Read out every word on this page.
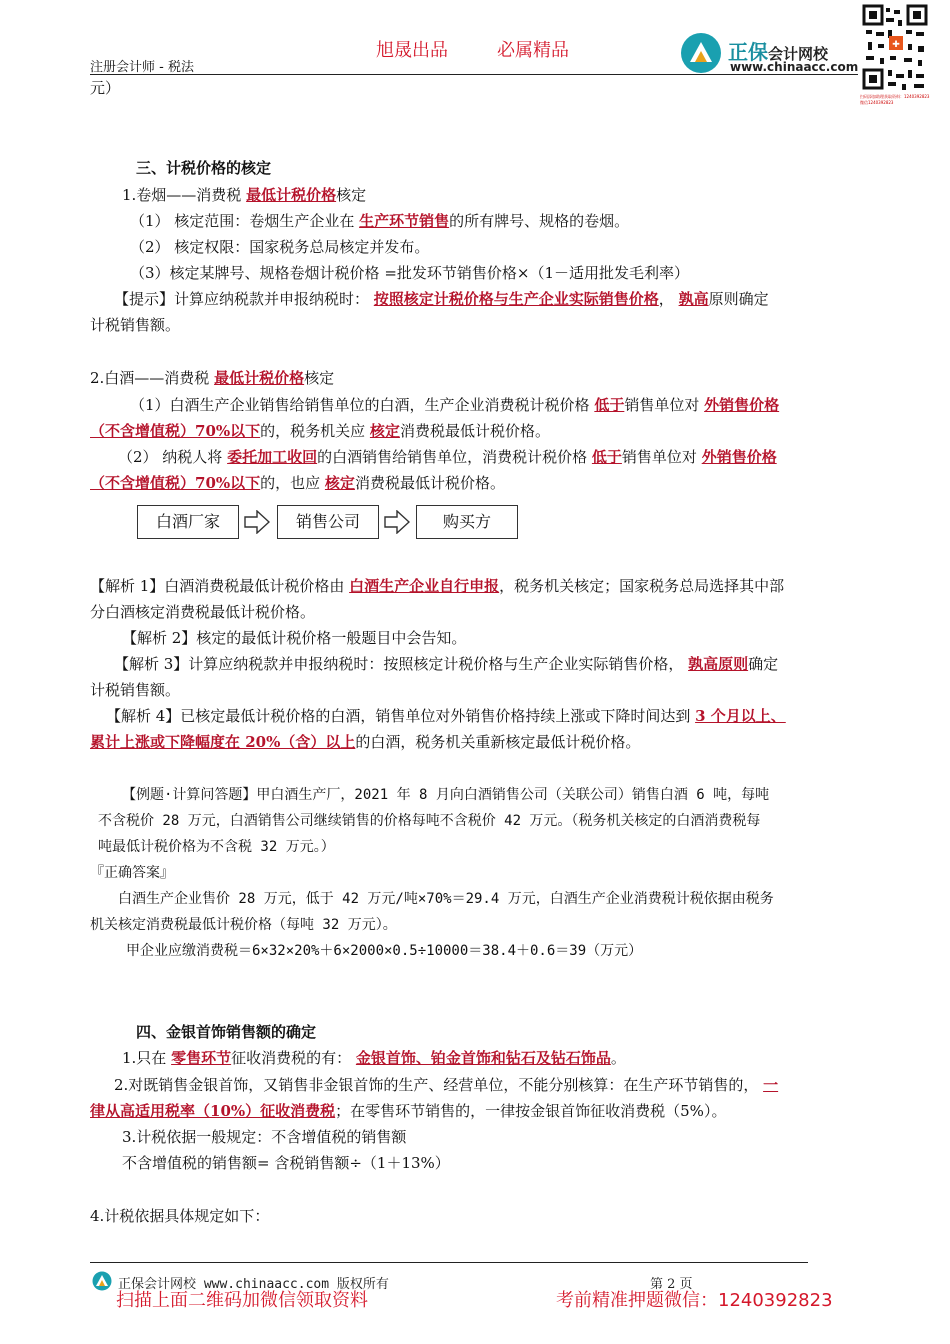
旭晟出品	必属精品
注册会计师 - 税法
正保会计网校
www.chinaacc.com
✚
扫码添加助理获取资料：1240392823
微信1240392823
元）
三、计税价格的核定
1.卷烟——消费税 最低计税价格核定
（1） 核定范围：卷烟生产企业在 生产环节销售的所有牌号、规格的卷烟。
（2） 核定权限：国家税务总局核定并发布。
（3）核定某牌号、规格卷烟计税价格 =批发环节销售价格×（1－适用批发毛利率）
【提示】计算应纳税款并申报纳税时： 按照核定计税价格与生产企业实际销售价格， 孰高原则确定
计税销售额。
2.白酒——消费税 最低计税价格核定
（1）白酒生产企业销售给销售单位的白酒，生产企业消费税计税价格 低于销售单位对 外销售价格
（不含增值税）70%以下的，税务机关应 核定消费税最低计税价格。
（2） 纳税人将 委托加工收回的白酒销售给销售单位，消费税计税价格 低于销售单位对 外销售价格
（不含增值税）70%以下的，也应 核定消费税最低计税价格。
白酒厂家	销售公司	购买方
【解析 1】白酒消费税最低计税价格由 白酒生产企业自行申报，税务机关核定；国家税务总局选择其中部
分白酒核定消费税最低计税价格。
【解析 2】核定的最低计税价格一般题目中会告知。
【解析 3】计算应纳税款并申报纳税时：按照核定计税价格与生产企业实际销售价格， 孰高原则确定
计税销售额。
【解析 4】已核定最低计税价格的白酒，销售单位对外销售价格持续上涨或下降时间达到 3 个月以上、
累计上涨或下降幅度在 20%（含）以上的白酒，税务机关重新核定最低计税价格。
【例题·计算问答题】甲白酒生产厂，2021 年 8 月向白酒销售公司（关联公司）销售白酒 6 吨，每吨
不含税价 28 万元，白酒销售公司继续销售的价格每吨不含税价 42 万元。（税务机关核定的白酒消费税每
吨最低计税价格为不含税 32 万元。）
『正确答案』
白酒生产企业售价 28 万元，低于 42 万元/吨×70%＝29.4 万元，白酒生产企业消费税计税依据由税务
机关核定消费税最低计税价格（每吨 32 万元）。
甲企业应缴消费税＝6×32×20%＋6×2000×0.5÷10000＝38.4＋0.6＝39（万元）
四、金银首饰销售额的确定
1.只在 零售环节征收消费税的有： 金银首饰、铂金首饰和钻石及钻石饰品。
2.对既销售金银首饰，又销售非金银首饰的生产、经营单位，不能分别核算：在生产环节销售的， 一
律从高适用税率（10%）征收消费税；在零售环节销售的，一律按金银首饰征收消费税（5%）。
3.计税依据一般规定：不含增值税的销售额
不含增值税的销售额= 含税销售额÷（1＋13%）
4.计税依据具体规定如下：
正保会计网校 www.chinaacc.com 版权所有	第 2 页
扫描上面二维码加微信领取资料	考前精准押题微信：1240392823
